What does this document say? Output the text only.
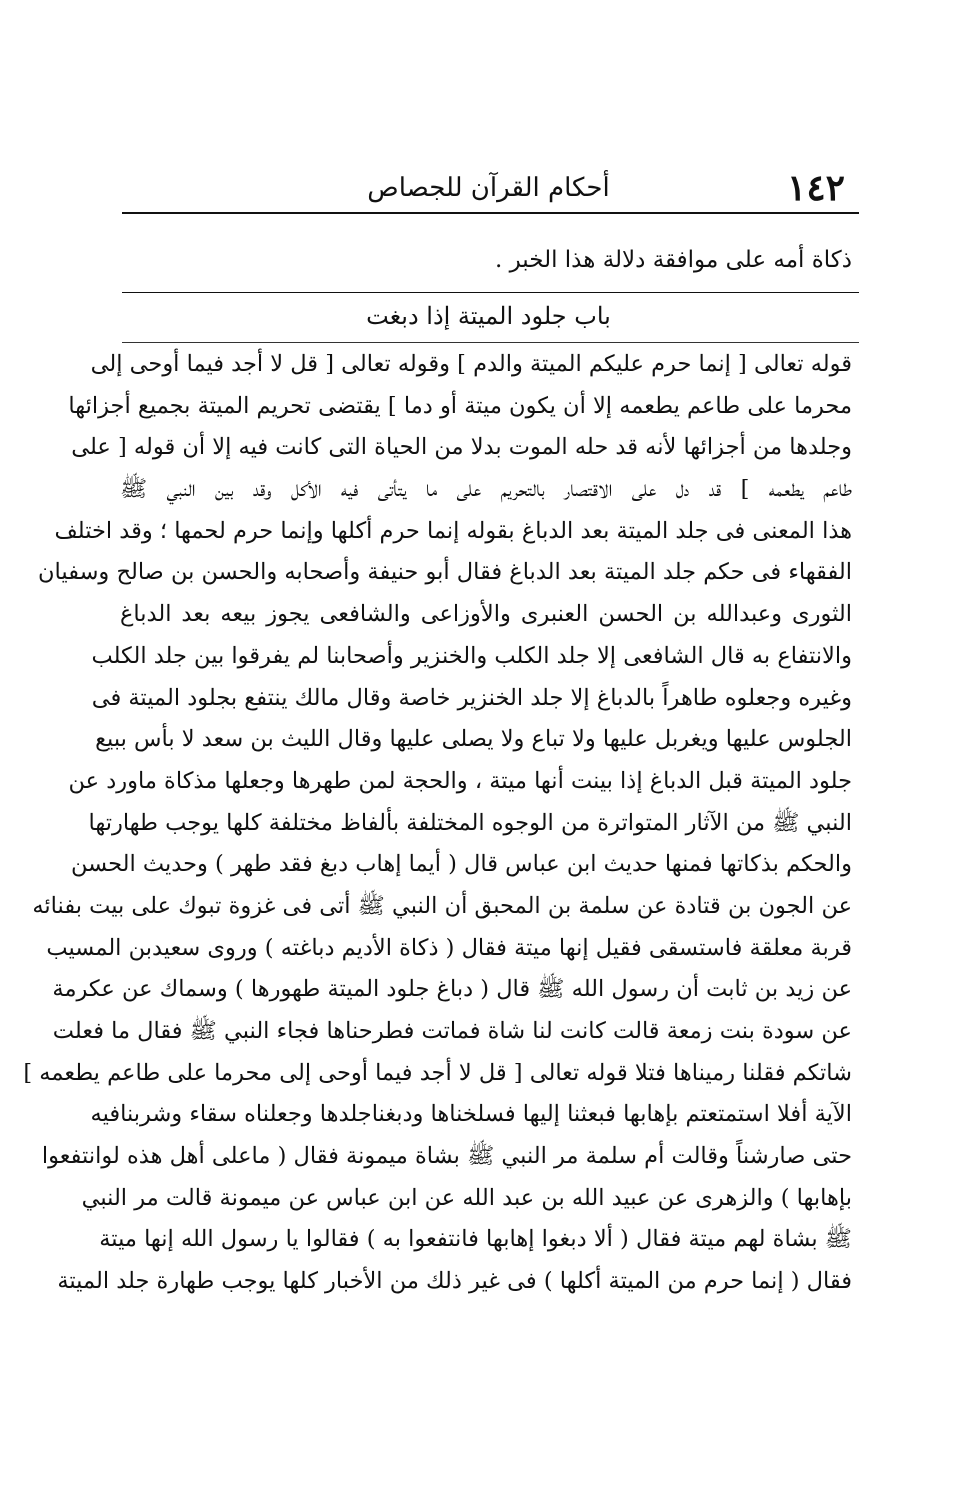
١٤٢
أحكام القرآن للجصاص
ذكاة أمه على موافقة دلالة هذا الخبر .
باب جلود الميتة إذا دبغت
قوله تعالى [ إنما حرم عليكم الميتة والدم ] وقوله تعالى [ قل لا أجد فيما أوحى إلى
محرما على طاعم يطعمه إلا أن يكون ميتة أو دما ] يقتضى تحريم الميتة بجميع أجزائها
وجلدها من أجزائها لأنه قد حله الموت بدلا من الحياة التى كانت فيه إلا أن قوله [ على
طاعم يطعمه ] قد دل على الاقتصار بالتحريم على ما يتأتى فيه الأكل وقد بين النبي ﷺ
هذا المعنى فى جلد الميتة بعد الدباغ بقوله إنما حرم أكلها وإنما حرم لحمها ؛ وقد اختلف
الفقهاء فى حكم جلد الميتة بعد الدباغ فقال أبو حنيفة وأصحابه والحسن بن صالح وسفيان
الثورى وعبدالله بن الحسن العنبرى والأوزاعى والشافعى يجوز بيعه بعد الدباغ
والانتفاع به قال الشافعى إلا جلد الكلب والخنزير وأصحابنا لم يفرقوا بين جلد الكلب
وغيره وجعلوه طاهراً بالدباغ إلا جلد الخنزير خاصة وقال مالك ينتفع بجلود الميتة فى
الجلوس عليها ويغربل عليها ولا تباع ولا يصلى عليها وقال الليث بن سعد لا بأس ببيع
جلود الميتة قبل الدباغ إذا بينت أنها ميتة ، والحجة لمن طهرها وجعلها مذكاة ماورد عن
النبي ﷺ من الآثار المتواترة من الوجوه المختلفة بألفاظ مختلفة كلها يوجب طهارتها
والحكم بذكاتها فمنها حديث ابن عباس قال ( أيما إهاب دبغ فقد طهر ) وحديث الحسن
عن الجون بن قتادة عن سلمة بن المحبق أن النبي ﷺ أتى فى غزوة تبوك على بيت بفنائه
قربة معلقة فاستسقى فقيل إنها ميتة فقال ( ذكاة الأديم دباغته ) وروى سعيدبن المسيب
عن زيد بن ثابت أن رسول الله ﷺ قال ( دباغ جلود الميتة طهورها ) وسماك عن عكرمة
عن سودة بنت زمعة قالت كانت لنا شاة فماتت فطرحناها فجاء النبي ﷺ فقال ما فعلت
شاتكم فقلنا رميناها فتلا قوله تعالى [ قل لا أجد فيما أوحى إلى محرما على طاعم يطعمه ]
الآية أفلا استمتعتم بإهابها فبعثنا إليها فسلخناها ودبغناجلدها وجعلناه سقاء وشربنافيه
حتى صارشناً وقالت أم سلمة مر النبي ﷺ بشاة ميمونة فقال ( ماعلى أهل هذه لوانتفعوا
بإهابها ) والزهرى عن عبيد الله بن عبد الله عن ابن عباس عن ميمونة قالت مر النبي
ﷺ بشاة لهم ميتة فقال ( ألا دبغوا إهابها فانتفعوا به ) فقالوا يا رسول الله إنها ميتة
فقال ( إنما حرم من الميتة أكلها ) فى غير ذلك من الأخبار كلها يوجب طهارة جلد الميتة
